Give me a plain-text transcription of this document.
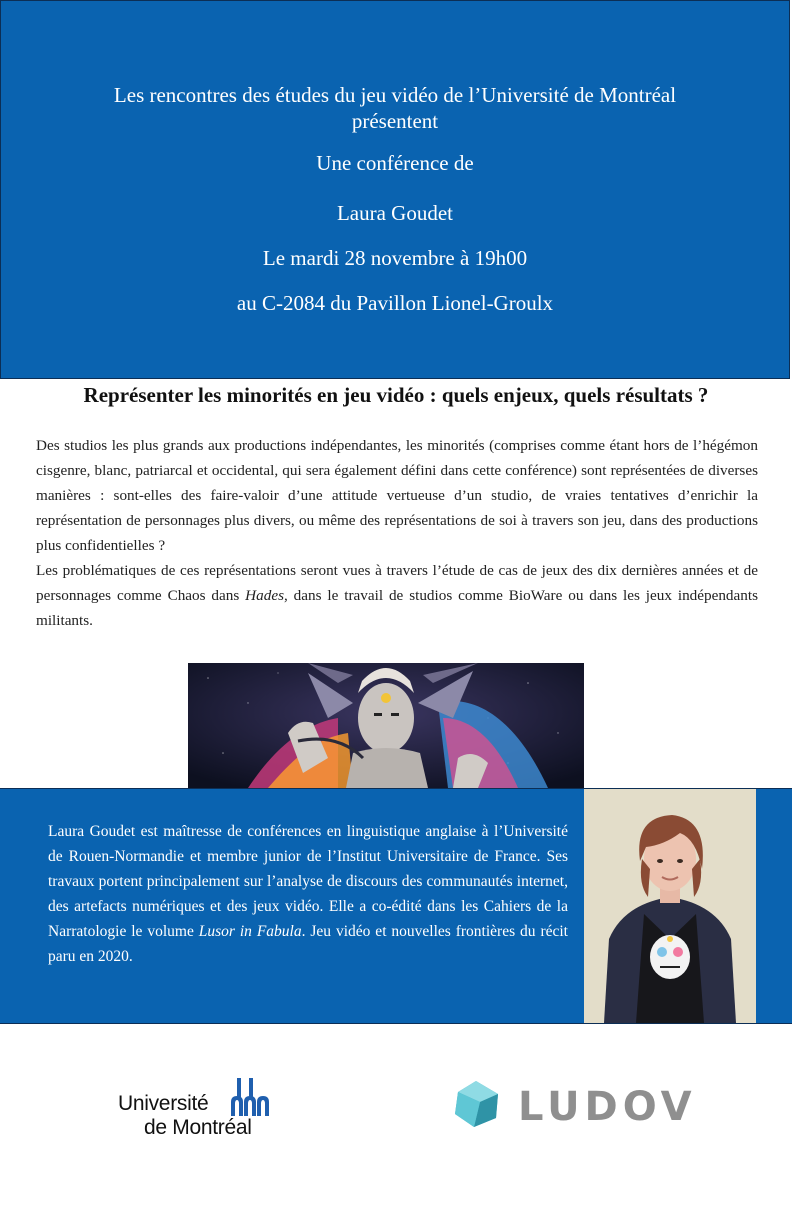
Les rencontres des études du jeu vidéo de l’Université de Montréal
présentent
Une conférence de
Laura Goudet
Le mardi 28 novembre à 19h00
au C-2084 du Pavillon Lionel-Groulx
Représenter les minorités en jeu vidéo : quels enjeux, quels résultats ?

Des studios les plus grands aux productions indépendantes, les minorités (comprises comme étant hors de l’hégémon cisgenre, blanc, patriarcal et occidental, qui sera également défini dans cette conférence) sont représentées de diverses manières : sont-elles des faire-valoir d’une attitude vertueuse d’un studio, de vraies tentatives d’enrichir la représentation de personnages plus divers, ou même des représentations de soi à travers son jeu, dans des productions plus confidentielles ?

Les problématiques de ces représentations seront vues à travers l’étude de cas de jeux des dix dernières années et de personnages comme Chaos dans Hades, dans le travail de studios comme BioWare ou dans les jeux indépendants militants.

Laura Goudet est maîtresse de conférences en linguistique anglaise à l’Université de Rouen-Normandie et membre junior de l’Institut Universitaire de France. Ses travaux portent principalement sur l’analyse de discours des communautés internet, des artefacts numériques et des jeux vidéo. Elle a co-édité dans les Cahiers de la Narratologie le volume Lusor in Fabula. Jeu vidéo et nouvelles frontières du récit paru en 2020.
Université
de Montréal	LUDOV
